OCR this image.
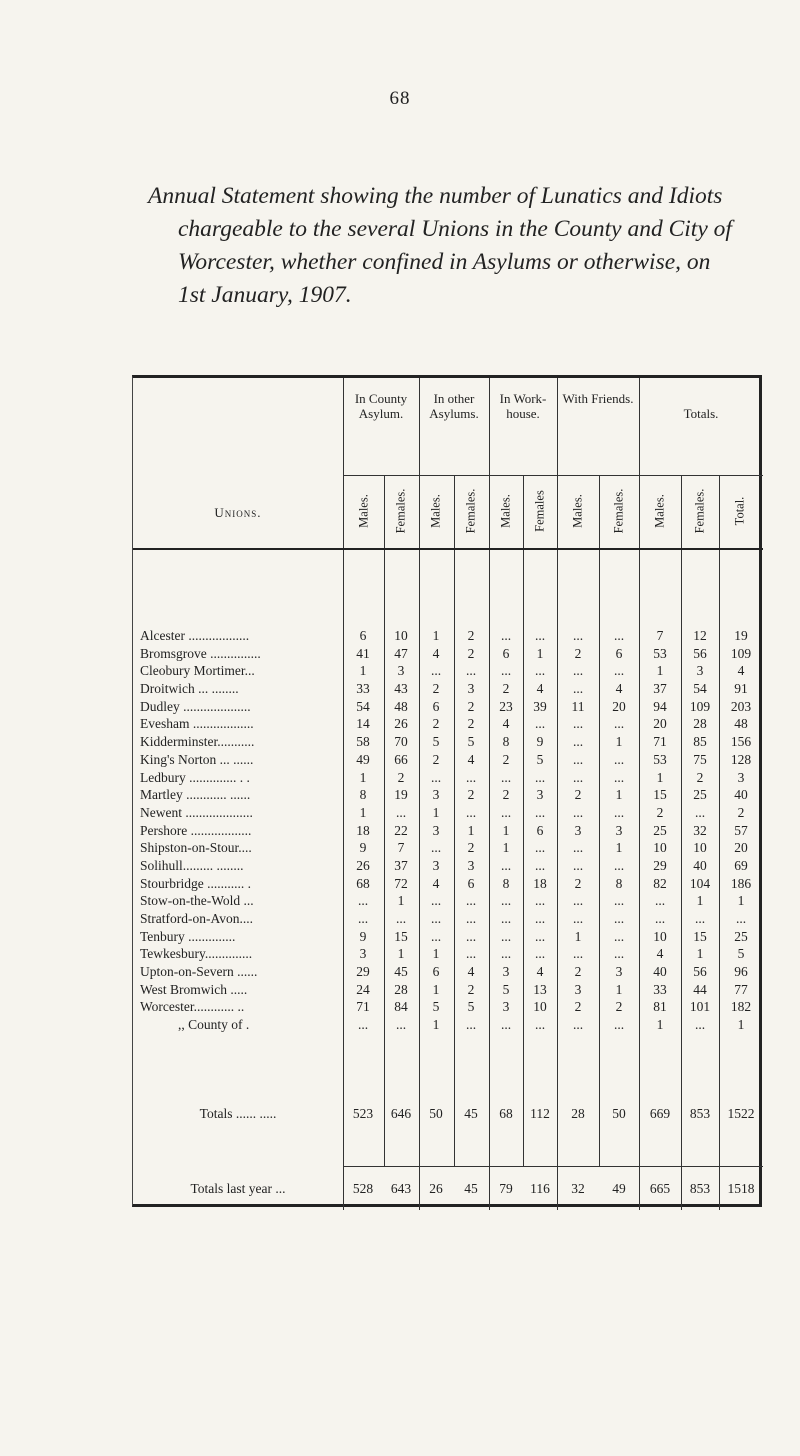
68
Annual Statement showing the number of Lunatics and Idiots
chargeable to the several Unions in the County and City of
Worcester, whether confined in Asylums or otherwise, on
1st January, 1907.
Unions.
In County Asylum.
In other Asylums.
In Work-house.
With Friends.
Totals.
Males. Females. Males. Females. Males. Females Males. Females. Males. Females. Total.
Alcester ..................	6	10	1	2	...	...	...	...	7	12	19
Bromsgrove ...............	41	47	4	2	6	1	2	6	53	56	109
Cleobury Mortimer...	1	3	...	...	...	...	...	...	1	3	4
Droitwich ... ........	33	43	2	3	2	4	...	4	37	54	91
Dudley ....................	54	48	6	2	23	39	11	20	94	109	203
Evesham ..................	14	26	2	2	4	...	...	...	20	28	48
Kidderminster...........	58	70	5	5	8	9	...	1	71	85	156
King's Norton ... ......	49	66	2	4	2	5	...	...	53	75	128
Ledbury .............. . .	1	2	...	...	...	...	...	...	1	2	3
Martley ............ ......	8	19	3	2	2	3	2	1	15	25	40
Newent ....................	1	...	1	...	...	...	...	...	2	...	2
Pershore ..................	18	22	3	1	1	6	3	3	25	32	57
Shipston-on-Stour....	9	7	...	2	1	...	...	1	10	10	20
Solihull......... ........	26	37	3	3	...	...	...	...	29	40	69
Stourbridge ........... .	68	72	4	6	8	18	2	8	82	104	186
Stow-on-the-Wold ...	...	1	...	...	...	...	...	...	...	1	1
Stratford-on-Avon....	...	...	...	...	...	...	...	...	...	...	...
Tenbury ..............	9	15	...	...	...	...	1	...	10	15	25
Tewkesbury..............	3	1	1	...	...	...	...	...	4	1	5
Upton-on-Severn ......	29	45	6	4	3	4	2	3	40	56	96
West Bromwich .....	24	28	1	2	5	13	3	1	33	44	77
Worcester............ ..	71	84	5	5	3	10	2	2	81	101	182
,, County of .	...	...	1	...	...	...	...	...	1	...	1
Totals ...... .....	523	646	50	45	68	112	28	50	669	853	1522
Totals last year ...	528	643	26	45	79	116	32	49	665	853	1518
